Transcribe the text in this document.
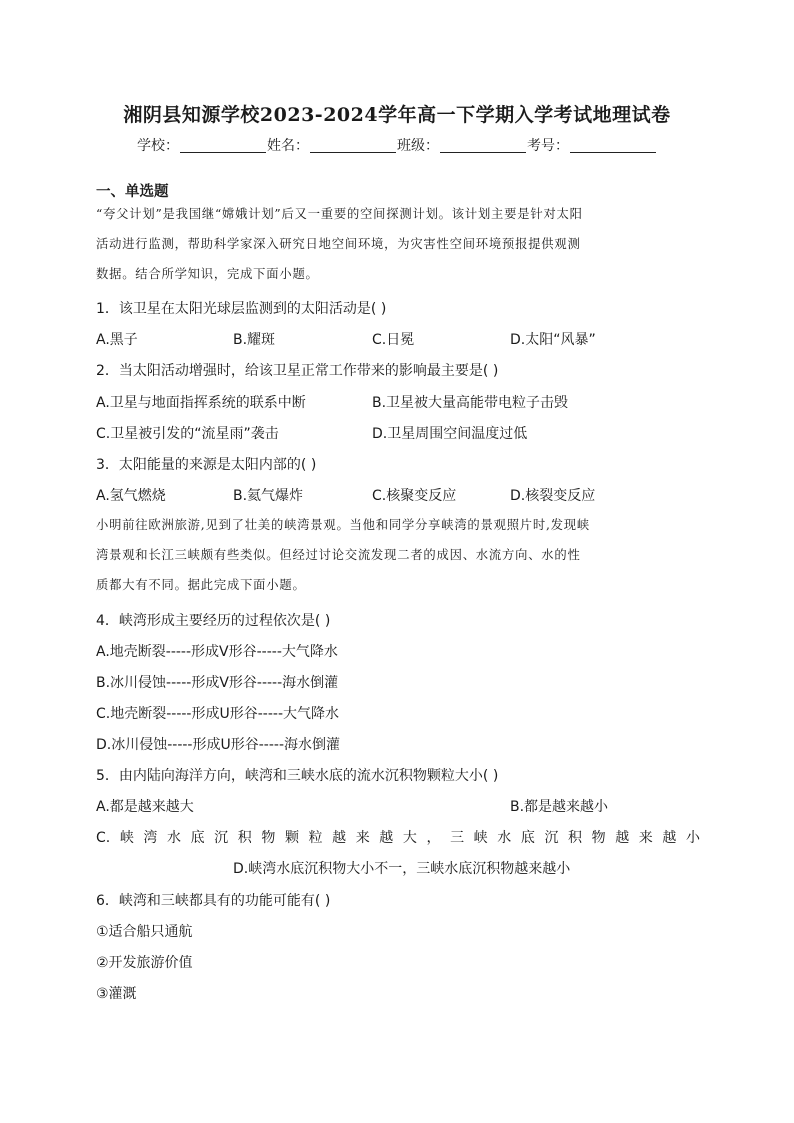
湘阴县知源学校2023-2024学年高一下学期入学考试地理试卷
学校：	姓名：	班级：	考号：
一、单选题
“夸父计划”是我国继“嫦娥计划”后又一重要的空间探测计划。该计划主要是针对太阳
活动进行监测，帮助科学家深入研究日地空间环境，为灾害性空间环境预报提供观测
数据。结合所学知识，完成下面小题。
1．该卫星在太阳光球层监测到的太阳活动是( )
A.黑子	B.耀斑	C.日冕	D.太阳“风暴”
2．当太阳活动增强时，给该卫星正常工作带来的影响最主要是( )
A.卫星与地面指挥系统的联系中断	B.卫星被大量高能带电粒子击毁
C.卫星被引发的“流星雨”袭击	D.卫星周围空间温度过低
3．太阳能量的来源是太阳内部的( )
A.氢气燃烧	B.氦气爆炸	C.核聚变反应	D.核裂变反应
小明前往欧洲旅游,见到了壮美的峡湾景观。当他和同学分享峡湾的景观照片时,发现峡
湾景观和长江三峡颇有些类似。但经过讨论交流发现二者的成因、水流方向、水的性
质都大有不同。据此完成下面小题。
4．峡湾形成主要经历的过程依次是( )
A.地壳断裂-----形成V形谷-----大气降水
B.冰川侵蚀-----形成V形谷-----海水倒灌
C.地壳断裂-----形成U形谷-----大气降水
D.冰川侵蚀-----形成U形谷-----海水倒灌
5．由内陆向海洋方向，峡湾和三峡水底的流水沉积物颗粒大小( )
A.都是越来越大	B.都是越来越小
C.峡湾水底沉积物颗粒越来越大，三峡水底沉积物越来越小
D.峡湾水底沉积物大小不一，三峡水底沉积物越来越小
6．峡湾和三峡都具有的功能可能有( )
①适合船只通航
②开发旅游价值
③灌溉
